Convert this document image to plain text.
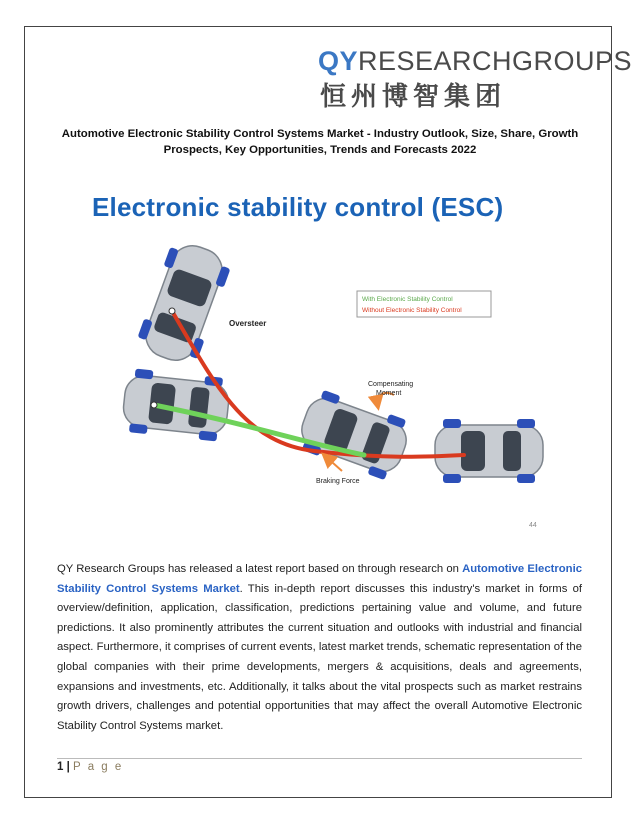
QYRESEARCHGROUPS
恒州博智集团
Automotive Electronic Stability Control Systems Market - Industry Outlook, Size, Share, Growth Prospects, Key Opportunities, Trends and Forecasts 2022
With Electronic Stability Control
Without Electronic Stability Control
Oversteer
Compensating
Moment
Braking Force
44
Electronic stability control (ESC)
QY Research Groups has released a latest report based on through research on Automotive Electronic Stability Control Systems Market. This in-depth report discusses this industry's market in forms of overview/definition, application, classification, predictions pertaining value and volume, and future predictions. It also prominently attributes the current situation and outlooks with industrial and financial aspect. Furthermore, it comprises of current events, latest market trends, schematic representation of the global companies with their prime developments, mergers & acquisitions, deals and agreements, expansions and investments, etc. Additionally, it talks about the vital prospects such as market restrains growth drivers, challenges and potential opportunities that may affect the overall Automotive Electronic Stability Control Systems market.
1 | P a g e
